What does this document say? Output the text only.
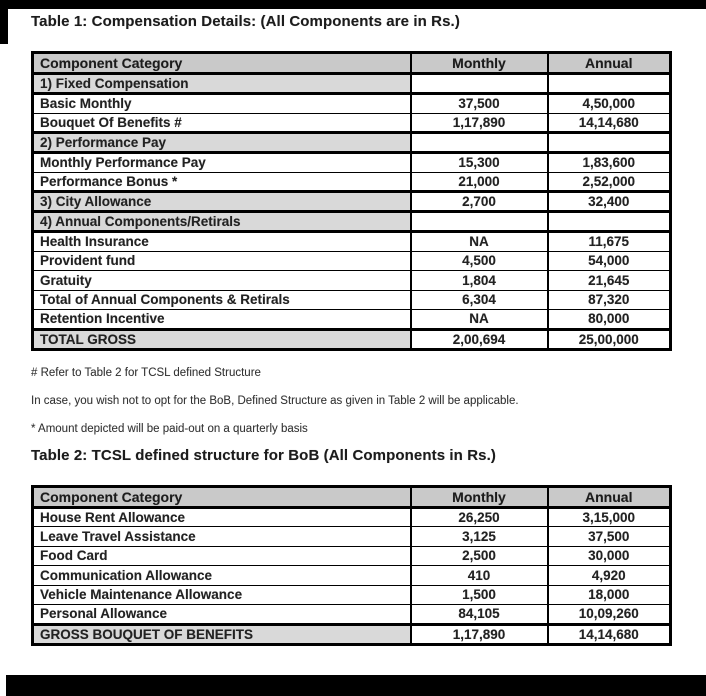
Table 1: Compensation Details: (All Components are in Rs.)
Component Category	Monthly	Annual
1) Fixed Compensation		
Basic Monthly	37,500	4,50,000
Bouquet Of Benefits #	1,17,890	14,14,680
2) Performance Pay		
Monthly Performance Pay	15,300	1,83,600
Performance Bonus *	21,000	2,52,000
3) City Allowance	2,700	32,400
4) Annual Components/Retirals		
Health Insurance	NA	11,675
Provident fund	4,500	54,000
Gratuity	1,804	21,645
Total of Annual Components & Retirals	6,304	87,320
Retention Incentive	NA	80,000
TOTAL GROSS	2,00,694	25,00,000

# Refer to Table 2 for TCSL defined Structure

In case, you wish not to opt for the BoB, Defined Structure as given in Table 2 will be applicable.

* Amount depicted will be paid-out on a quarterly basis

Table 2: TCSL defined structure for BoB (All Components in Rs.)
Component Category	Monthly	Annual
House Rent Allowance	26,250	3,15,000
Leave Travel Assistance	3,125	37,500
Food Card	2,500	30,000
Communication Allowance	410	4,920
Vehicle Maintenance Allowance	1,500	18,000
Personal Allowance	84,105	10,09,260
GROSS BOUQUET OF BENEFITS	1,17,890	14,14,680
